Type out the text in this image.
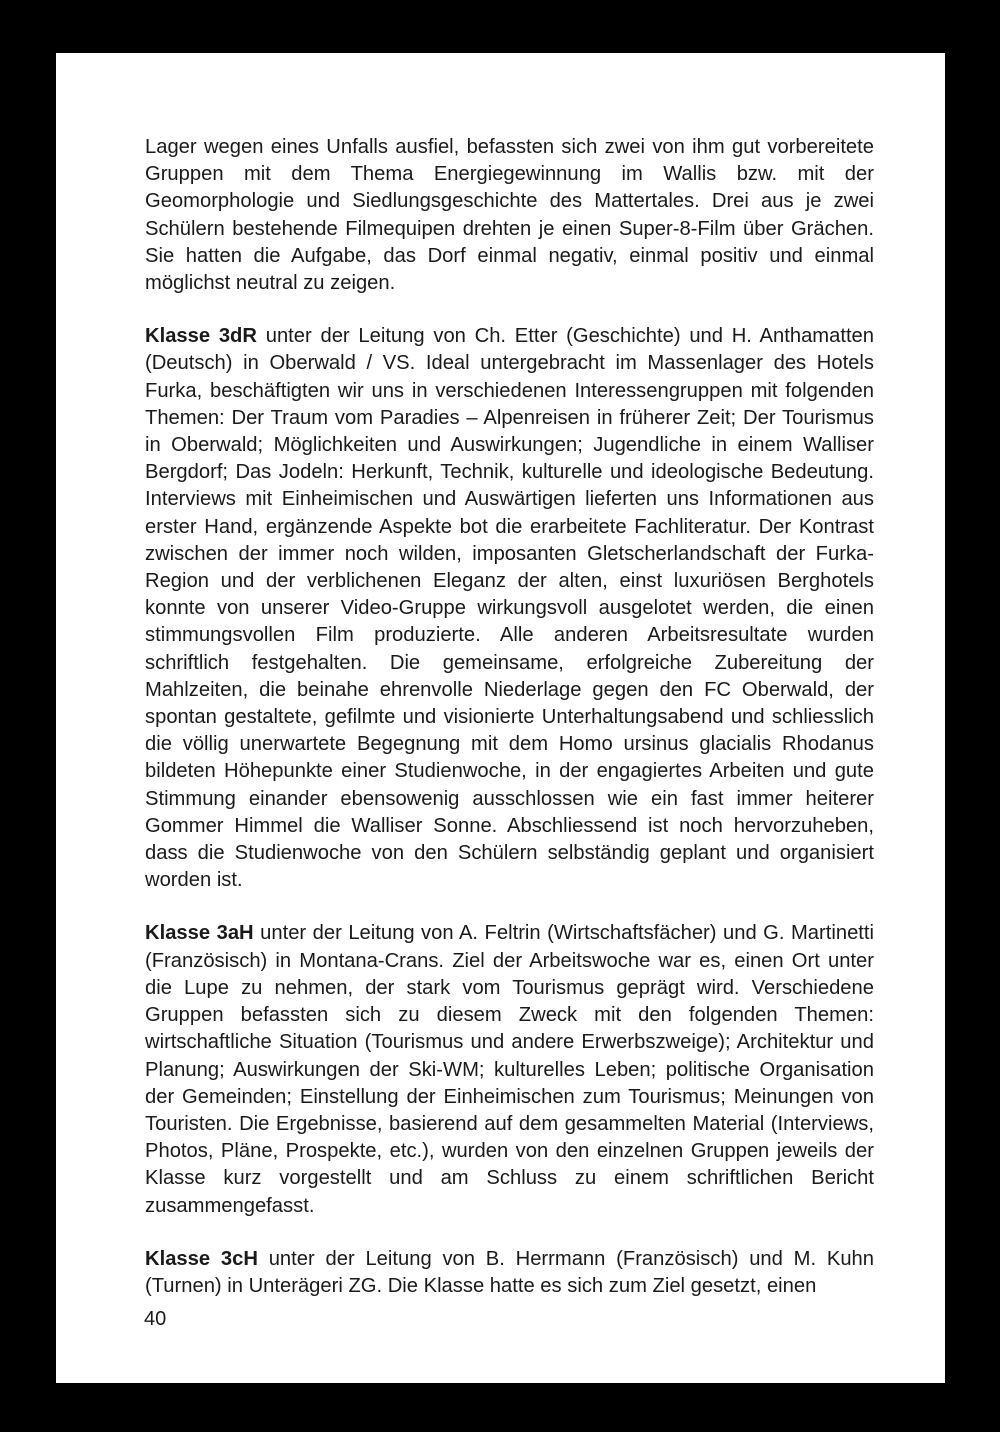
Lager wegen eines Unfalls ausfiel, befassten sich zwei von ihm gut vorbereitete Gruppen mit dem Thema Energiegewinnung im Wallis bzw. mit der Geomorphologie und Siedlungsgeschichte des Mattertales. Drei aus je zwei Schülern bestehende Filmequipen drehten je einen Super-8-Film über Grächen. Sie hatten die Aufgabe, das Dorf einmal negativ, einmal positiv und einmal möglichst neutral zu zeigen.

Klasse 3dR unter der Leitung von Ch. Etter (Geschichte) und H. Anthamatten (Deutsch) in Oberwald / VS. Ideal untergebracht im Massenlager des Hotels Furka, beschäftigten wir uns in verschiedenen Interessengruppen mit folgenden Themen: Der Traum vom Paradies – Alpenreisen in früherer Zeit; Der Tourismus in Oberwald; Möglichkeiten und Auswirkungen; Jugendliche in einem Walliser Bergdorf; Das Jodeln: Herkunft, Technik, kulturelle und ideologische Bedeutung. Interviews mit Einheimischen und Auswärtigen lieferten uns Informationen aus erster Hand, ergänzende Aspekte bot die erarbeitete Fachliteratur. Der Kontrast zwischen der immer noch wilden, imposanten Gletscherlandschaft der Furka-Region und der verblichenen Eleganz der alten, einst luxuriösen Berghotels konnte von unserer Video-Gruppe wirkungsvoll ausgelotet werden, die einen stimmungsvollen Film produzierte. Alle anderen Arbeitsresultate wurden schriftlich festgehalten. Die gemeinsame, erfolgreiche Zubereitung der Mahlzeiten, die beinahe ehrenvolle Niederlage gegen den FC Oberwald, der spontan gestaltete, gefilmte und visionierte Unterhaltungsabend und schliesslich die völlig unerwartete Begegnung mit dem Homo ursinus glacialis Rhodanus bildeten Höhepunkte einer Studienwoche, in der engagiertes Arbeiten und gute Stimmung einander ebensowenig ausschlossen wie ein fast immer heiterer Gommer Himmel die Walliser Sonne. Abschliessend ist noch hervorzuheben, dass die Studienwoche von den Schülern selbständig geplant und organisiert worden ist.

Klasse 3aH unter der Leitung von A. Feltrin (Wirtschaftsfächer) und G. Martinetti (Französisch) in Montana-Crans. Ziel der Arbeitswoche war es, einen Ort unter die Lupe zu nehmen, der stark vom Tourismus geprägt wird. Verschiedene Gruppen befassten sich zu diesem Zweck mit den folgenden Themen: wirtschaftliche Situation (Tourismus und andere Erwerbszweige); Architektur und Planung; Auswirkungen der Ski-WM; kulturelles Leben; politische Organisation der Gemeinden; Einstellung der Einheimischen zum Tourismus; Meinungen von Touristen. Die Ergebnisse, basierend auf dem gesammelten Material (Interviews, Photos, Pläne, Prospekte, etc.), wurden von den einzelnen Gruppen jeweils der Klasse kurz vorgestellt und am Schluss zu einem schriftlichen Bericht zusammengefasst.

Klasse 3cH unter der Leitung von B. Herrmann (Französisch) und M. Kuhn (Turnen) in Unterägeri ZG. Die Klasse hatte es sich zum Ziel gesetzt, einen

40
